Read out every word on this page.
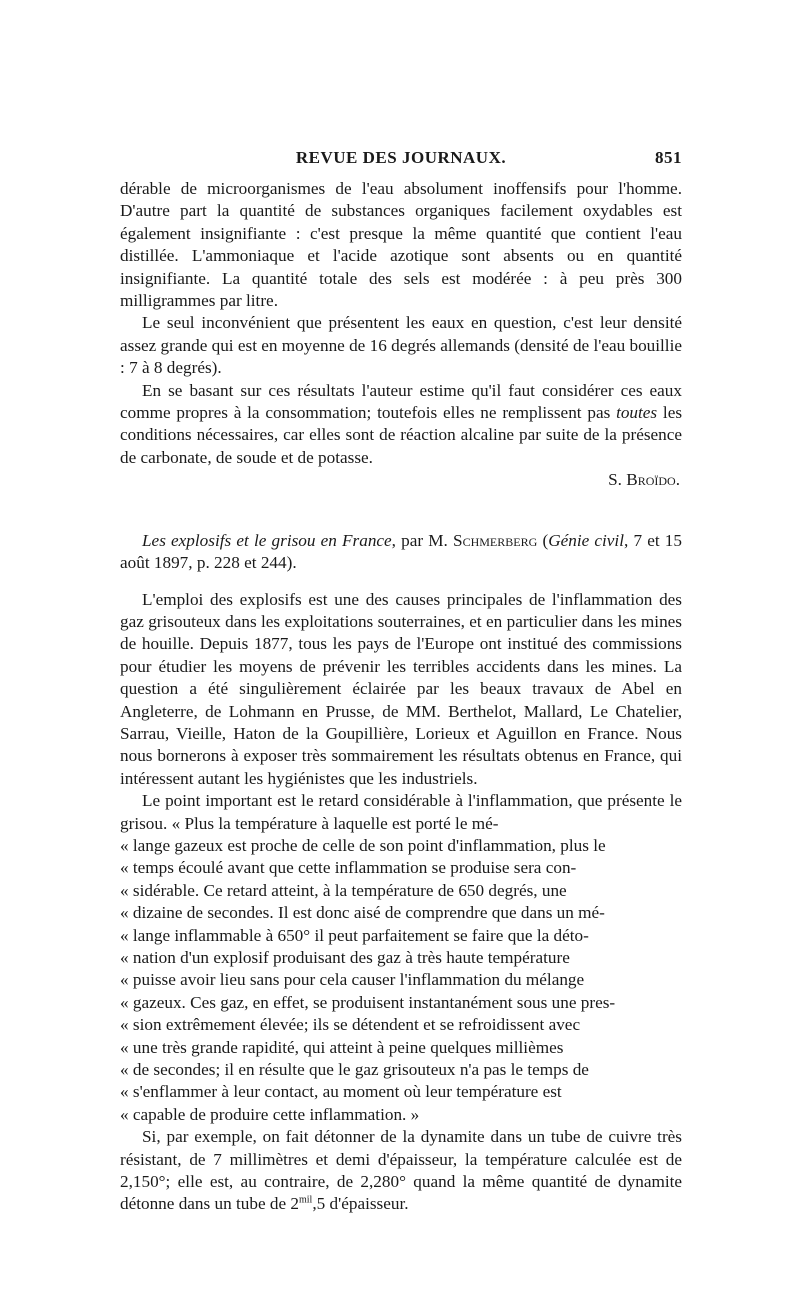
REVUE DES JOURNAUX.	851

dérable de microorganismes de l'eau absolument inoffensifs pour l'homme. D'autre part la quantité de substances organiques facilement oxydables est également insignifiante : c'est presque la même quantité que contient l'eau distillée. L'ammoniaque et l'acide azotique sont absents ou en quantité insignifiante. La quantité totale des sels est modérée : à peu près 300 milligrammes par litre.

Le seul inconvénient que présentent les eaux en question, c'est leur densité assez grande qui est en moyenne de 16 degrés allemands (densité de l'eau bouillie : 7 à 8 degrés).

En se basant sur ces résultats l'auteur estime qu'il faut considérer ces eaux comme propres à la consommation; toutefois elles ne remplissent pas toutes les conditions nécessaires, car elles sont de réaction alcaline par suite de la présence de carbonate, de soude et de potasse.

S. Broïdo.
Les explosifs et le grisou en France, par M. Schmerberg (Génie civil, 7 et 15 août 1897, p. 228 et 244).

L'emploi des explosifs est une des causes principales de l'inflammation des gaz grisouteux dans les exploitations souterraines, et en particulier dans les mines de houille. Depuis 1877, tous les pays de l'Europe ont institué des commissions pour étudier les moyens de prévenir les terribles accidents dans les mines. La question a été singulièrement éclairée par les beaux travaux de Abel en Angleterre, de Lohmann en Prusse, de MM. Berthelot, Mallard, Le Chatelier, Sarrau, Vieille, Haton de la Goupillière, Lorieux et Aguillon en France. Nous nous bornerons à exposer très sommairement les résultats obtenus en France, qui intéressent autant les hygiénistes que les industriels.

Le point important est le retard considérable à l'inflammation, que présente le grisou. « Plus la température à laquelle est porté le mé-

« lange gazeux est proche de celle de son point d'inflammation, plus le

« temps écoulé avant que cette inflammation se produise sera con-

« sidérable. Ce retard atteint, à la température de 650 degrés, une

« dizaine de secondes. Il est donc aisé de comprendre que dans un mé-

« lange inflammable à 650° il peut parfaitement se faire que la déto-

« nation d'un explosif produisant des gaz à très haute température

« puisse avoir lieu sans pour cela causer l'inflammation du mélange

« gazeux. Ces gaz, en effet, se produisent instantanément sous une pres-

« sion extrêmement élevée; ils se détendent et se refroidissent avec

« une très grande rapidité, qui atteint à peine quelques millièmes

« de secondes; il en résulte que le gaz grisouteux n'a pas le temps de

« s'enflammer à leur contact, au moment où leur température est

« capable de produire cette inflammation. »

Si, par exemple, on fait détonner de la dynamite dans un tube de cuivre très résistant, de 7 millimètres et demi d'épaisseur, la température calculée est de 2,150°; elle est, au contraire, de 2,280° quand la même quantité de dynamite détonne dans un tube de $2^{mil},5$ d'épaisseur.
